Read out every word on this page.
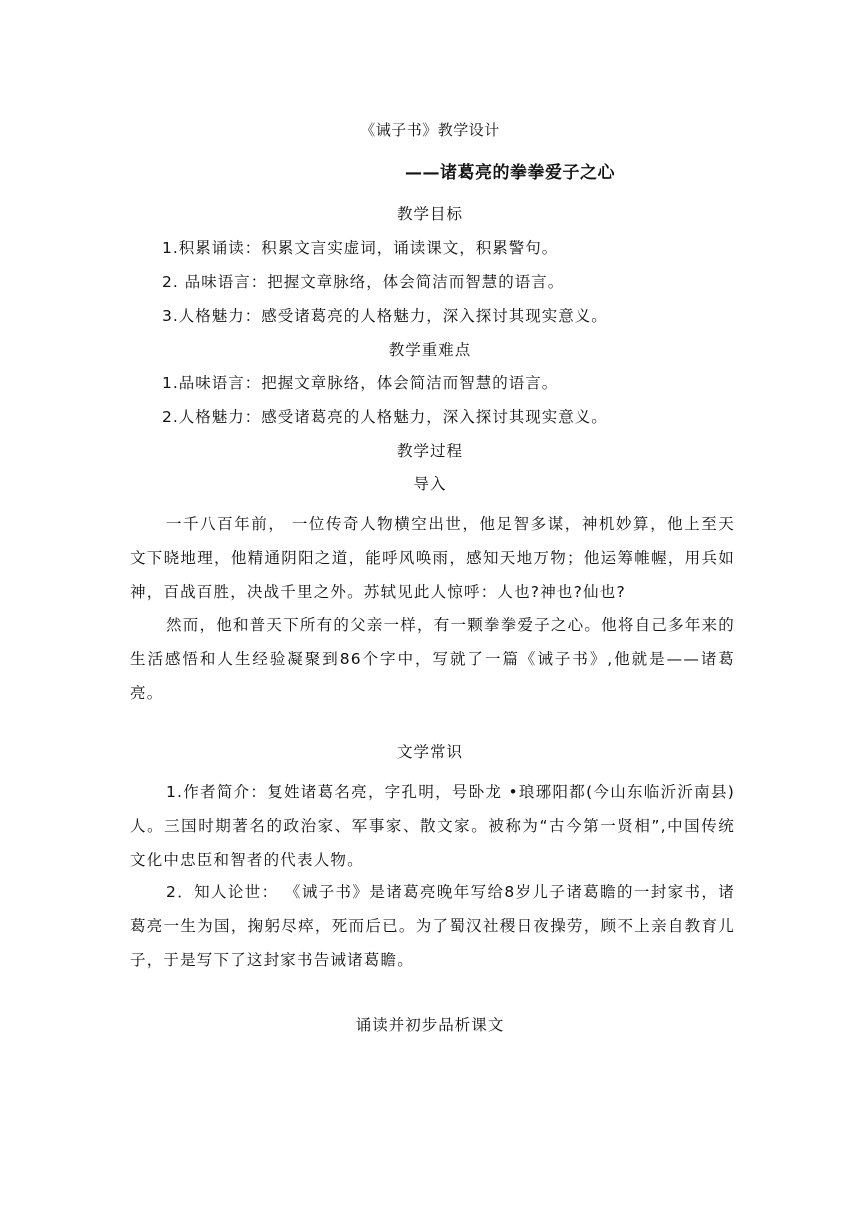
《诫子书》教学设计
——诸葛亮的拳拳爱子之心
教学目标
1.积累诵读：积累文言实虚词，诵读课文，积累警句。
2. 品味语言：把握文章脉络，体会简洁而智慧的语言。
3.人格魅力：感受诸葛亮的人格魅力，深入探讨其现实意义。
教学重难点
1.品味语言：把握文章脉络，体会简洁而智慧的语言。
2.人格魅力：感受诸葛亮的人格魅力，深入探讨其现实意义。
教学过程
导入
一千八百年前， 一位传奇人物横空出世，他足智多谋，神机妙算，他上至天文下晓地理，他精通阴阳之道，能呼风唤雨，感知天地万物；他运筹帷幄，用兵如神，百战百胜，决战千里之外。苏轼见此人惊呼：人也?神也?仙也?
然而，他和普天下所有的父亲一样，有一颗拳拳爱子之心。他将自己多年来的生活感悟和人生经验凝聚到86个字中，写就了一篇《诫子书》,他就是——诸葛亮。
文学常识
1.作者简介：复姓诸葛名亮，字孔明，号卧龙 •琅琊阳都(今山东临沂沂南县)人。三国时期著名的政治家、军事家、散文家。被称为“古今第一贤相”,中国传统文化中忠臣和智者的代表人物。
2．知人论世： 《诫子书》是诸葛亮晚年写给8岁儿子诸葛瞻的一封家书，诸葛亮一生为国，掬躬尽瘁，死而后已。为了蜀汉社稷日夜操劳，顾不上亲自教育儿子，于是写下了这封家书告诫诸葛瞻。
诵读并初步品析课文
